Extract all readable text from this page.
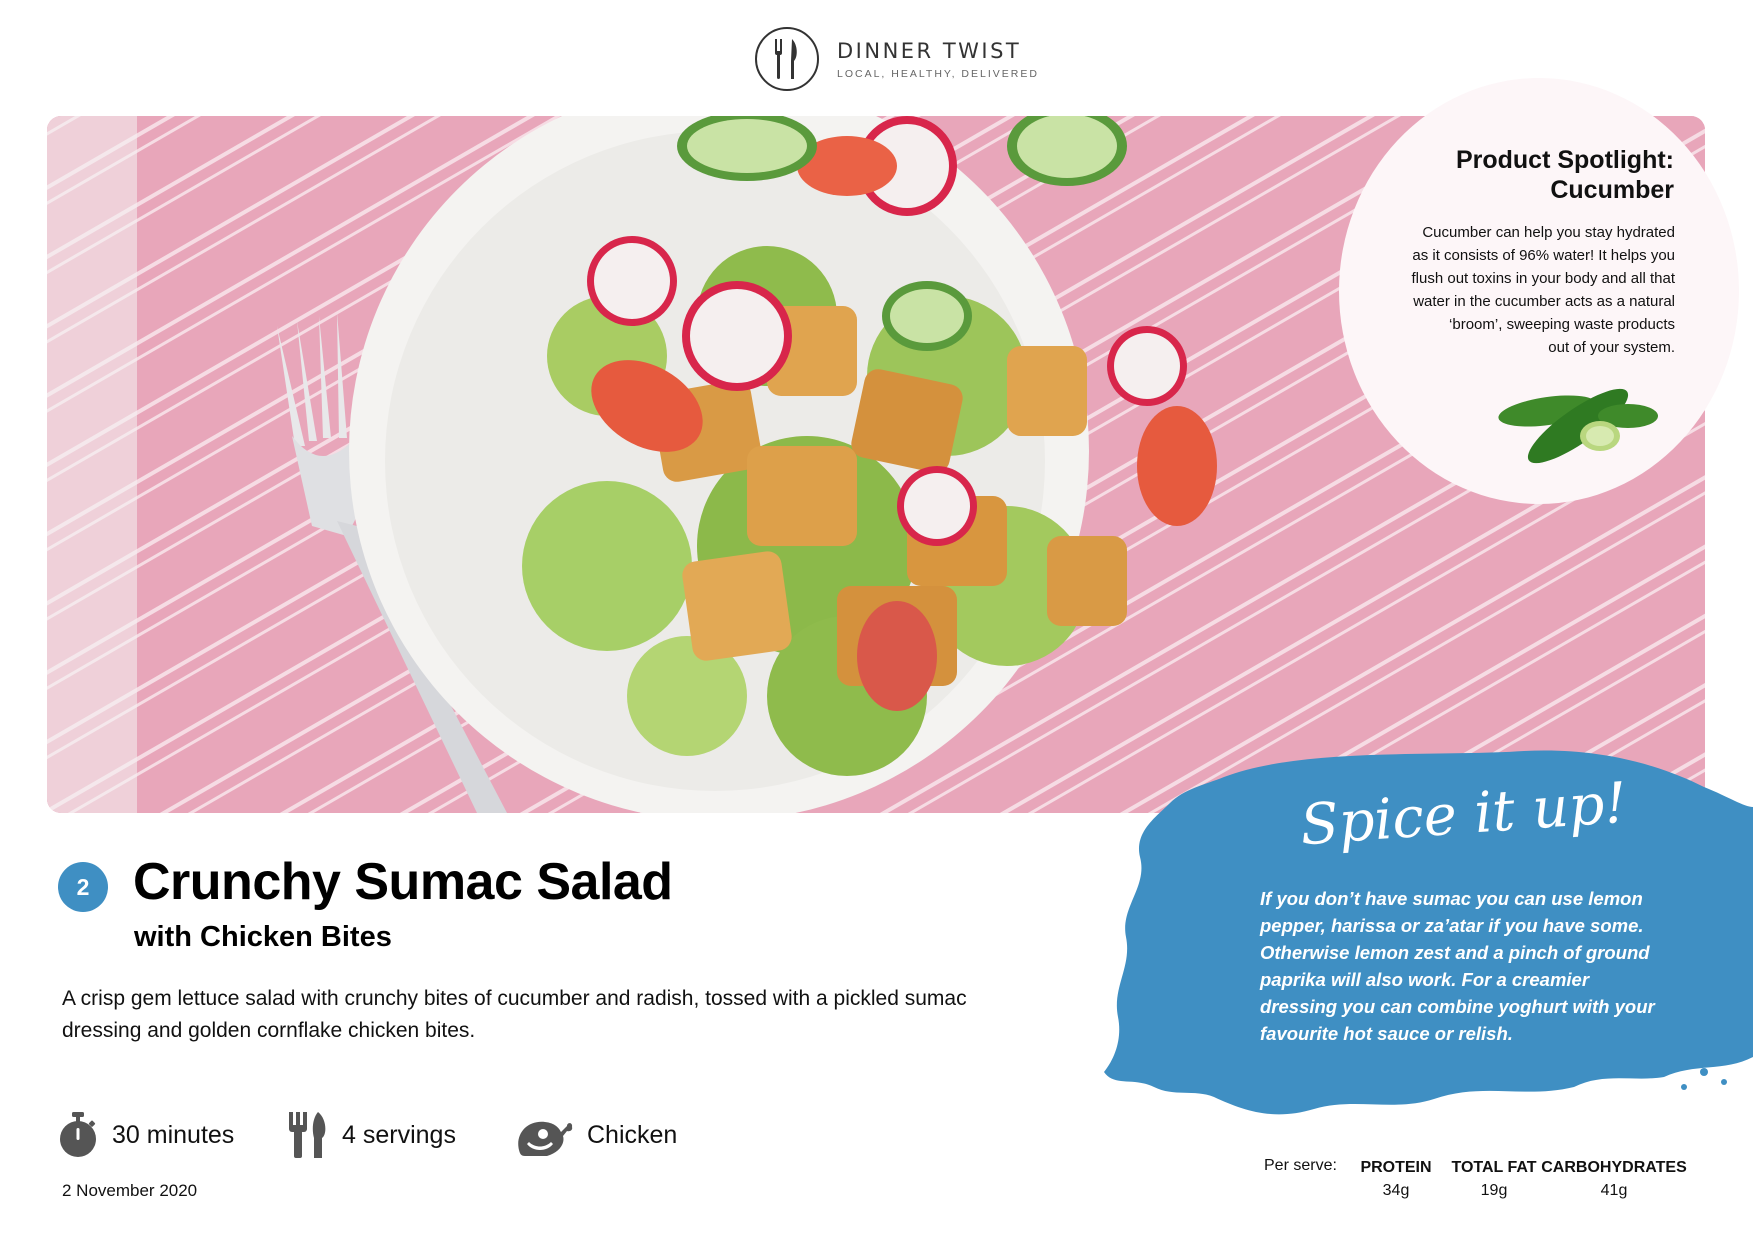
DINNER TWIST
LOCAL, HEALTHY, DELIVERED
Product Spotlight:
Cucumber
Cucumber can help you stay hydrated
as it consists of 96% water! It helps you
flush out toxins in your body and all that
water in the cucumber acts as a natural
‘broom’, sweeping waste products
out of your system.
2 Crunchy Sumac Salad
with Chicken Bites
A crisp gem lettuce salad with crunchy bites of cucumber and radish, tossed with a pickled sumac
dressing and golden cornflake chicken bites.
30 minutes	4 servings	Chicken
2 November 2020
Spice it up!
If you don’t have sumac you can use lemon
pepper, harissa or za’atar if you have some.
Otherwise lemon zest and a pinch of ground
paprika will also work. For a creamier
dressing you can combine yoghurt with your
favourite hot sauce or relish.
Per serve: PROTEIN
34g
TOTAL FAT
19g
CARBOHYDRATES
41g
